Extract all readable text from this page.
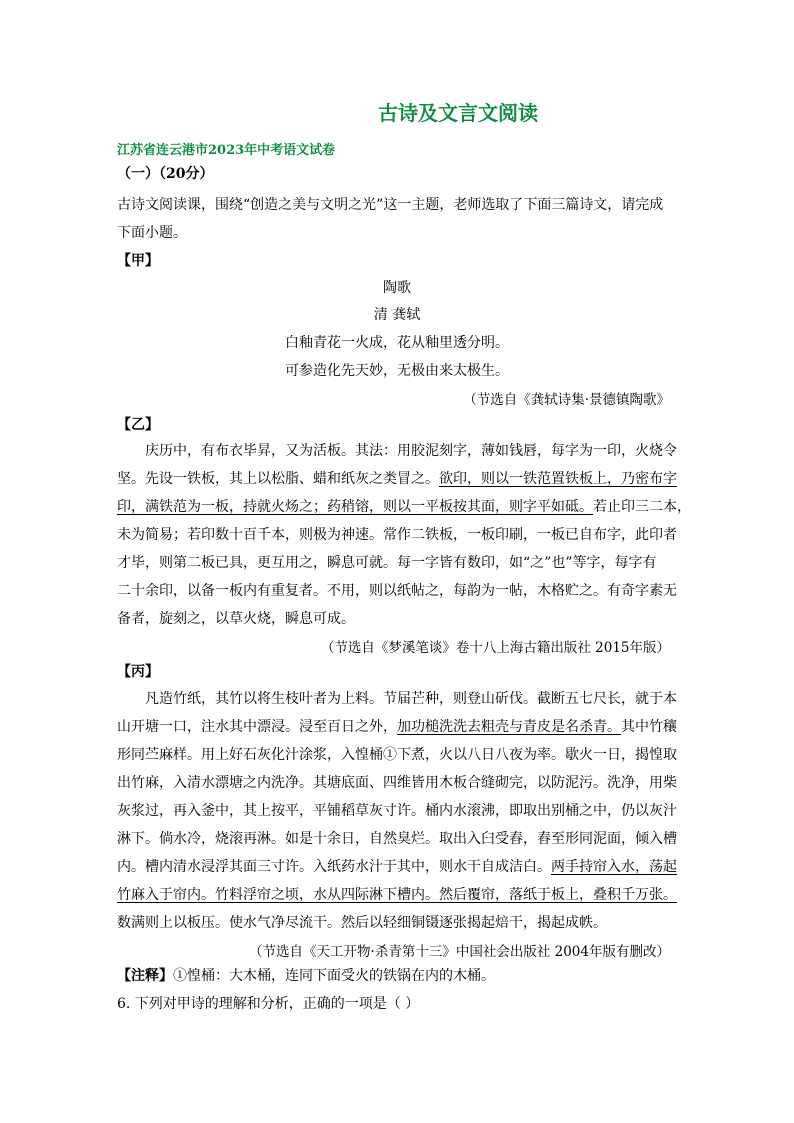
古诗及文言文阅读
江苏省连云港市2023年中考语文试卷
（一）（20分）
古诗文阅读课，围绕“创造之美与文明之光”这一主题，老师选取了下面三篇诗文，请完成
下面小题。
【甲】
陶歌
清 龚轼
白釉青花一火成，花从釉里透分明。
可参造化先天妙，无极由来太极生。
（节选自《龚轼诗集·景德镇陶歌》
【乙】
庆历中，有布衣毕昇，又为活板。其法：用胶泥刻字，薄如钱唇，每字为一印，火烧令
坚。先设一铁板，其上以松脂、蜡和纸灰之类冒之。欲印，则以一铁范置铁板上，乃密布字
印，满铁范为一板，持就火炀之；药稍镕，则以一平板按其面，则字平如砥。若止印三二本，
未为简易；若印数十百千本，则极为神速。常作二铁板，一板印刷，一板已自布字，此印者
才毕，则第二板已具，更互用之，瞬息可就。每一字皆有数印，如“之”也”等字，每字有
二十余印，以备一板内有重复者。不用，则以纸帖之，每韵为一帖，木格贮之。有奇字素无
备者，旋刻之，以草火烧，瞬息可成。
（节选自《梦溪笔谈》卷十八上海古籍出版社 2015年版）
【丙】
凡造竹纸，其竹以将生枝叶者为上料。节届芒种，则登山斫伐。截断五七尺长，就于本
山开塘一口，注水其中漂浸。浸至百日之外，加功槌洗洗去粗壳与青皮是名杀青。其中竹穰
形同苎麻样。用上好石灰化汁涂浆，入惶桶①下煮，火以八日八夜为率。歇火一日，揭惶取
出竹麻，入清水漂塘之内洗净。其塘底面、四维皆用木板合缝砌完，以防泥污。洗净，用柴
灰浆过，再入釜中，其上按平，平铺稻草灰寸许。桶内水滚沸，即取出别桶之中，仍以灰汁
淋下。倘水冷，烧滚再淋。如是十余日，自然臭烂。取出入臼受舂，舂至形同泥面，倾入槽
内。槽内清水浸浮其面三寸许。入纸药水汁于其中，则水干自成洁白。两手持帘入水，荡起
竹麻入于帘内。竹料浮帘之顷，水从四际淋下槽内。然后覆帘，落纸于板上，叠积千万张。
数满则上以板压。使水气净尽流干。然后以轻细铜镊逐张揭起焙干，揭起成帙。
（节选自《天工开物·杀青第十三》中国社会出版社 2004年版有删改）
【注释】①惶桶：大木桶，连同下面受火的铁锅在内的木桶。
6. 下列对甲诗的理解和分析，正确的一项是（ ）
